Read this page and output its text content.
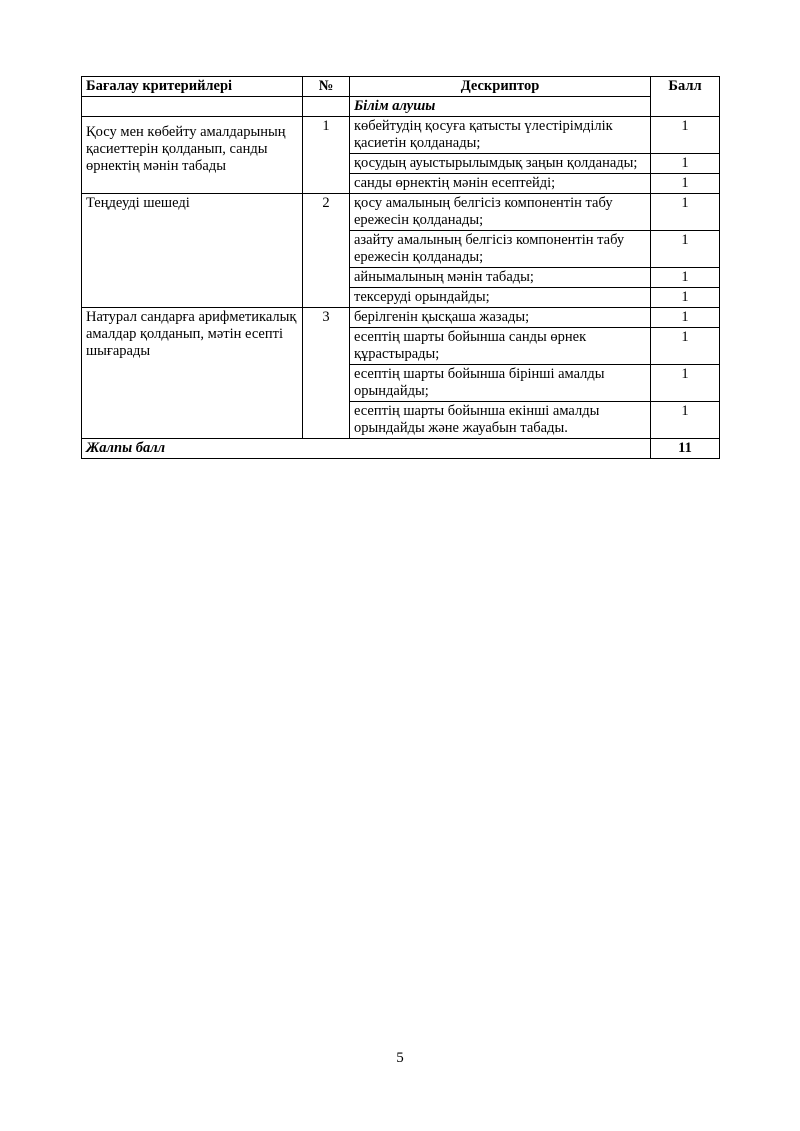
Бағалау критерийлері	№	Дескриптор	Балл
		Білім алушы	

Қосу мен көбейту амалдарының қасиеттерін қолданып, санды өрнектің мәнін табады	1	көбейтудің қосуға қатысты үлестірімділік қасиетін қолданады;	1
		қосудың ауыстырылымдық заңын қолданады;	1
		санды өрнектің мәнін есептейді;	1
Теңдеуді шешеді	2	қосу амалының белгісіз компонентін табу ережесін қолданады;	1
		азайту амалының белгісіз компонентін табу ережесін қолданады;	1
		айнымалының мәнін табады;	1
		тексеруді орындайды;	1
Натурал сандарға арифметикалық амалдар қолданып, мәтін есепті шығарады	3	берілгенін қысқаша жазады;	1
		есептің шарты бойынша санды өрнек құрастырады;	1
		есептің шарты бойынша бірінші амалды орындайды;	1
		есептің шарты бойынша екінші амалды орындайды және жауабын табады.	1
Жалпы балл			11
5
